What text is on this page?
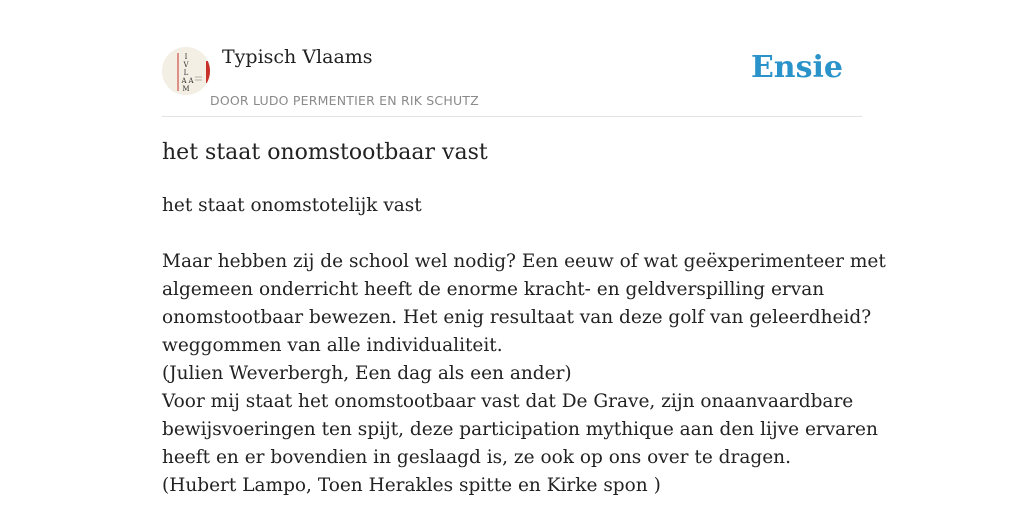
I
V
L
A A
M
Typisch Vlaams
DOOR LUDO PERMENTIER EN RIK SCHUTZ
Ensie
het staat onomstootbaar vast
het staat onomstotelijk vast
Maar hebben zij de school wel nodig? Een eeuw of wat geëxperimenteer met
algemeen onderricht heeft de enorme kracht- en geldverspilling ervan
onomstootbaar bewezen. Het enig resultaat van deze golf van geleerdheid?
weggommen van alle individualiteit.
(Julien Weverbergh, Een dag als een ander)
Voor mij staat het onomstootbaar vast dat De Grave, zijn onaanvaardbare
bewijsvoeringen ten spijt, deze participation mythique aan den lijve ervaren
heeft en er bovendien in geslaagd is, ze ook op ons over te dragen.
(Hubert Lampo, Toen Herakles spitte en Kirke spon )
